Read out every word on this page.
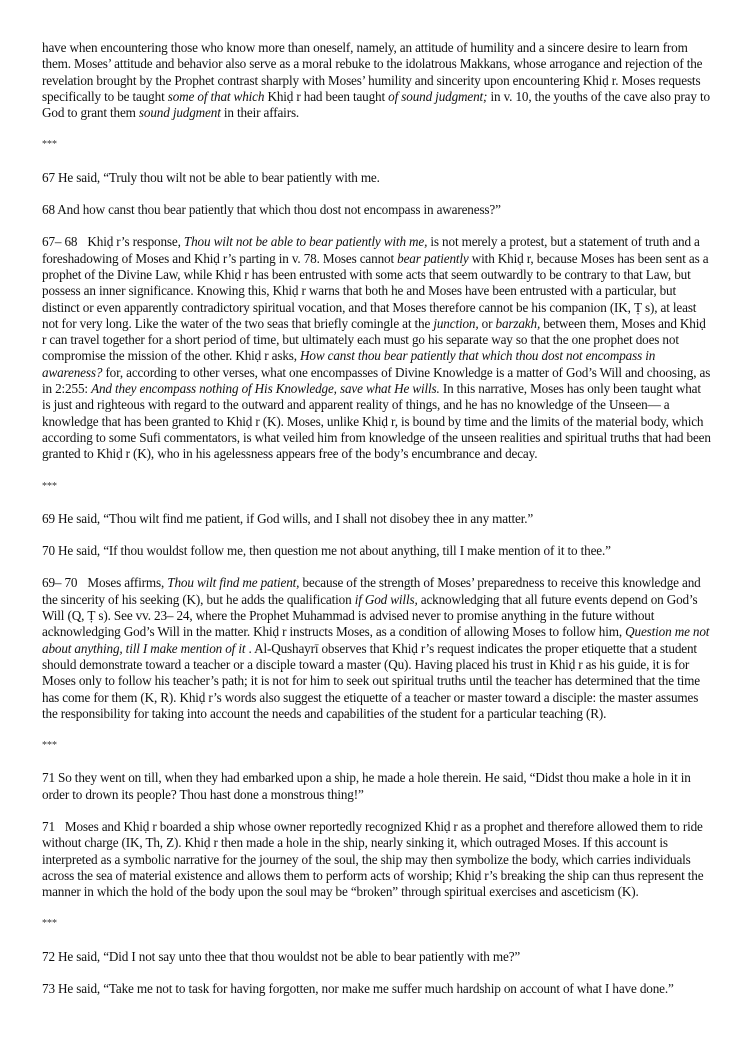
have when encountering those who know more than oneself, namely, an attitude of humility and a sincere desire to learn from them. Moses’ attitude and behavior also serve as a moral rebuke to the idolatrous Makkans, whose arrogance and rejection of the revelation brought by the Prophet contrast sharply with Moses’ humility and sincerity upon encountering Khiḍ r. Moses requests specifically to be taught some of that which Khiḍ r had been taught of sound judgment; in v. 10, the youths of the cave also pray to God to grant them sound judgment in their affairs.

***

67 He said, “Truly thou wilt not be able to bear patiently with me.

68 And how canst thou bear patiently that which thou dost not encompass in awareness?”

67– 68 Khiḍ r’s response, Thou wilt not be able to bear patiently with me, is not merely a protest, but a statement of truth and a foreshadowing of Moses and Khiḍ r’s parting in v. 78. Moses cannot bear patiently with Khiḍ r, because Moses has been sent as a prophet of the Divine Law, while Khiḍ r has been entrusted with some acts that seem outwardly to be contrary to that Law, but possess an inner significance. Knowing this, Khiḍ r warns that both he and Moses have been entrusted with a particular, but distinct or even apparently contradictory spiritual vocation, and that Moses therefore cannot be his companion (IK, Ṭ s), at least not for very long. Like the water of the two seas that briefly comingle at the junction, or barzakh, between them, Moses and Khiḍ r can travel together for a short period of time, but ultimately each must go his separate way so that the one prophet does not compromise the mission of the other. Khiḍ r asks, How canst thou bear patiently that which thou dost not encompass in awareness? for, according to other verses, what one encompasses of Divine Knowledge is a matter of God’s Will and choosing, as in 2:255: And they encompass nothing of His Knowledge, save what He wills. In this narrative, Moses has only been taught what is just and righteous with regard to the outward and apparent reality of things, and he has no knowledge of the Unseen— a knowledge that has been granted to Khiḍ r (K). Moses, unlike Khiḍ r, is bound by time and the limits of the material body, which according to some Sufi commentators, is what veiled him from knowledge of the unseen realities and spiritual truths that had been granted to Khiḍ r (K), who in his agelessness appears free of the body’s encumbrance and decay.

***

69 He said, “Thou wilt find me patient, if God wills, and I shall not disobey thee in any matter.”

70 He said, “If thou wouldst follow me, then question me not about anything, till I make mention of it to thee.”

69– 70 Moses affirms, Thou wilt find me patient, because of the strength of Moses’ preparedness to receive this knowledge and the sincerity of his seeking (K), but he adds the qualification if God wills, acknowledging that all future events depend on God’s Will (Q, Ṭ s). See vv. 23– 24, where the Prophet Muhammad is advised never to promise anything in the future without acknowledging God’s Will in the matter. Khiḍ r instructs Moses, as a condition of allowing Moses to follow him, Question me not about anything, till I make mention of it . Al-Qushayrī observes that Khiḍ r’s request indicates the proper etiquette that a student should demonstrate toward a teacher or a disciple toward a master (Qu). Having placed his trust in Khiḍ r as his guide, it is for Moses only to follow his teacher’s path; it is not for him to seek out spiritual truths until the teacher has determined that the time has come for them (K, R). Khiḍ r’s words also suggest the etiquette of a teacher or master toward a disciple: the master assumes the responsibility for taking into account the needs and capabilities of the student for a particular teaching (R).

***

71 So they went on till, when they had embarked upon a ship, he made a hole therein. He said, “Didst thou make a hole in it in order to drown its people? Thou hast done a monstrous thing!”

71 Moses and Khiḍ r boarded a ship whose owner reportedly recognized Khiḍ r as a prophet and therefore allowed them to ride without charge (IK, Th, Z). Khiḍ r then made a hole in the ship, nearly sinking it, which outraged Moses. If this account is interpreted as a symbolic narrative for the journey of the soul, the ship may then symbolize the body, which carries individuals across the sea of material existence and allows them to perform acts of worship; Khiḍ r’s breaking the ship can thus represent the manner in which the hold of the body upon the soul may be “broken” through spiritual exercises and asceticism (K).

***

72 He said, “Did I not say unto thee that thou wouldst not be able to bear patiently with me?”

73 He said, “Take me not to task for having forgotten, nor make me suffer much hardship on account of what I have done.”
